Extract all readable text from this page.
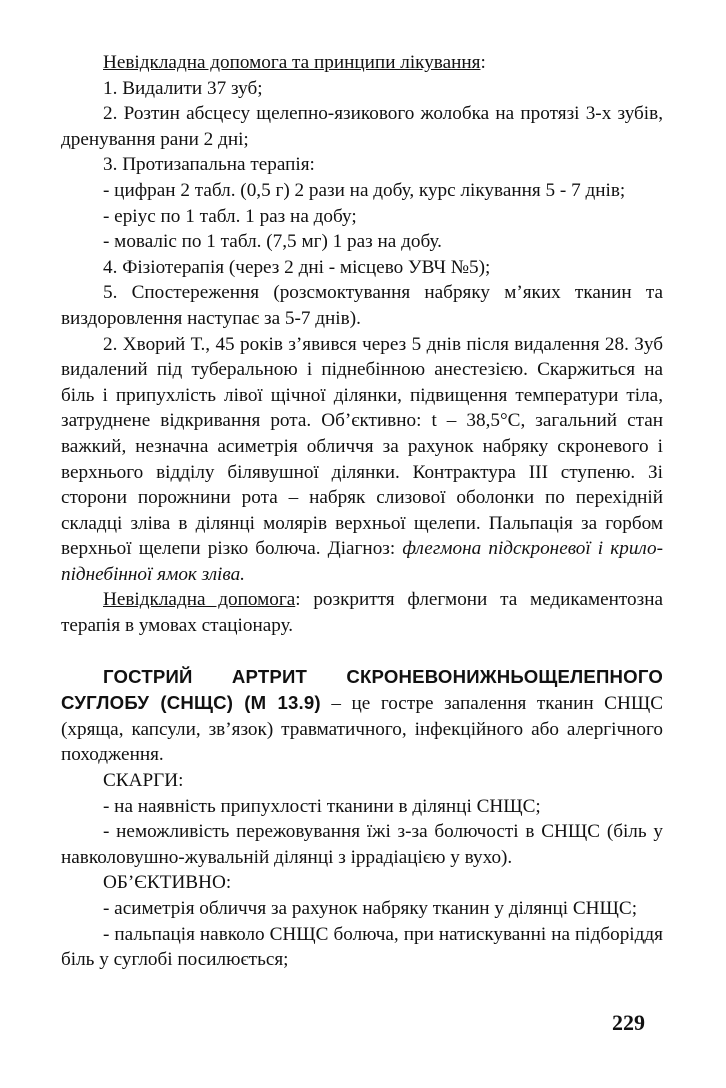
Невідкладна допомога та принципи лікування:

1. Видалити 37 зуб;

2. Розтин абсцесу щелепно-язикового жолобка на протязі 3-х зубів, дренування рани 2 дні;

3. Протизапальна терапія:

- цифран 2 табл. (0,5 г) 2 рази на добу, курс лікування 5 - 7 днів;

- еріус по 1 табл. 1 раз на добу;

- моваліс по 1 табл. (7,5 мг) 1 раз на добу.

4. Фізіотерапія (через 2 дні - місцево УВЧ №5);

5. Спостереження (розсмоктування набряку м’яких тканин та виздоровлення наступає за 5-7 днів).

2. Хворий Т., 45 років з’явився через 5 днів після видалення 28. Зуб видалений під туберальною і піднебінною анестезією. Скаржиться на біль і припухлість лівої щічної ділянки, підвищення температури тіла, затруднене відкривання рота. Об’єктивно: t – 38,5°С, загальний стан важкий, незначна асиметрія обличчя за рахунок набряку скроневого і верхнього відділу білявушної ділянки. Контрактура III ступеню. Зі сторони порожнини рота – набряк слизової оболонки по перехідній складці зліва в ділянці молярів верхньої щелепи. Пальпація за горбом верхньої щелепи різко болюча. Діагноз: флегмона підскроневої і крило-піднебінної ямок зліва.

Невідкладна допомога: розкриття флегмони та медикаментозна терапія в умовах стаціонару.

ГОСТРИЙ АРТРИТ СКРОНЕВОНИЖНЬОЩЕЛЕПНОГО СУГЛОБУ (СНЩС) (М 13.9) – це гостре запалення тканин СНЩС (хряща, капсули, зв’язок) травматичного, інфекційного або алергічного походження.

СКАРГИ:

- на наявність припухлості тканини в ділянці СНЩС;

- неможливість пережовування їжі з-за болючості в СНЩС (біль у навколовушно-жувальній ділянці з іррадіацією у вухо).

ОБ’ЄКТИВНО:

- асиметрія обличчя за рахунок набряку тканин у ділянці СНЩС;

- пальпація навколо СНЩС болюча, при натискуванні на підборіддя біль у суглобі посилюється;

229
